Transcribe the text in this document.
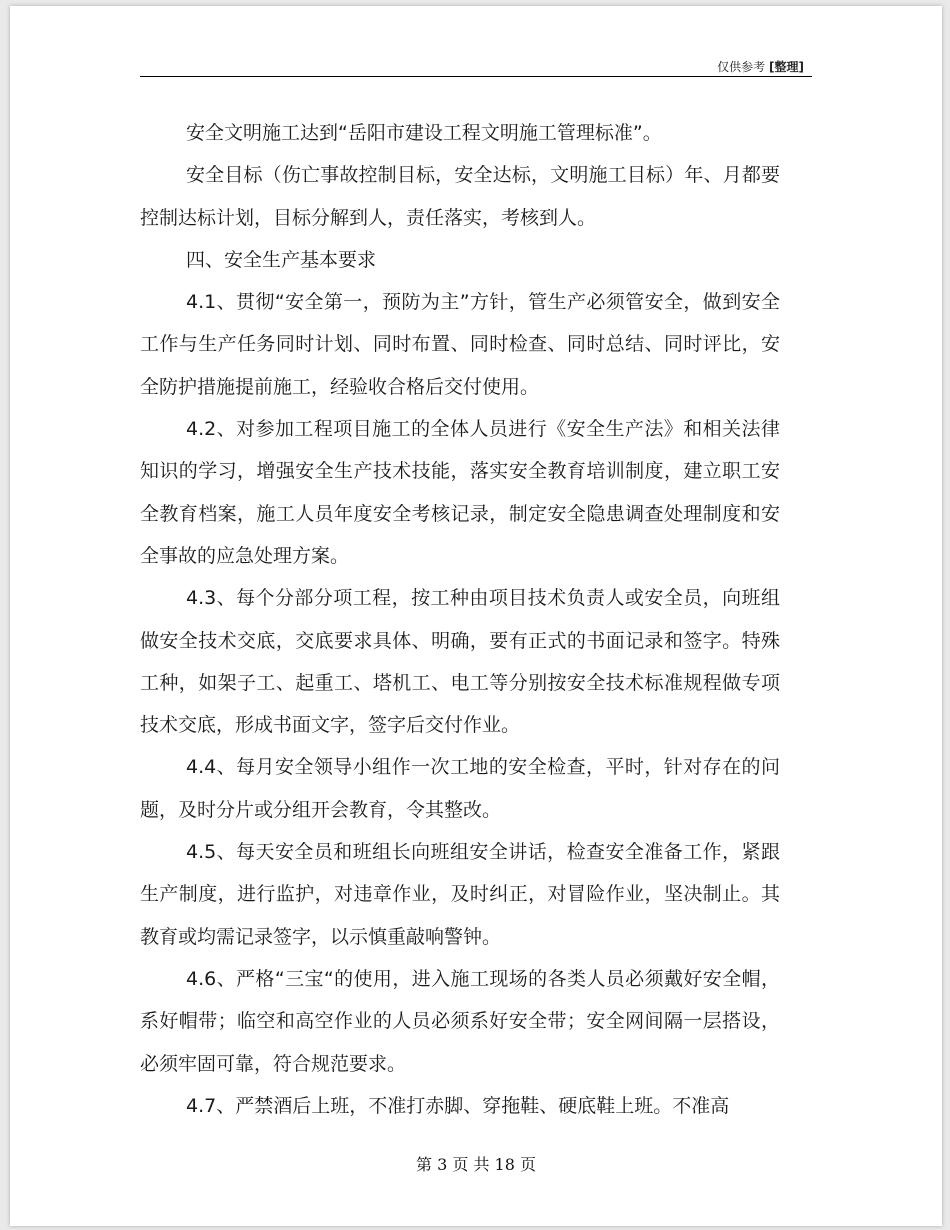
仅供参考 [整理]

安全文明施工达到“岳阳市建设工程文明施工管理标准”。

安全目标（伤亡事故控制目标，安全达标，文明施工目标）年、月都要控制达标计划，目标分解到人，责任落实，考核到人。

四、安全生产基本要求

4.1、贯彻“安全第一，预防为主”方针，管生产必须管安全，做到安全工作与生产任务同时计划、同时布置、同时检查、同时总结、同时评比，安全防护措施提前施工，经验收合格后交付使用。

4.2、对参加工程项目施工的全体人员进行《安全生产法》和相关法律知识的学习，增强安全生产技术技能，落实安全教育培训制度，建立职工安全教育档案，施工人员年度安全考核记录，制定安全隐患调查处理制度和安全事故的应急处理方案。

4.3、每个分部分项工程，按工种由项目技术负责人或安全员，向班组做安全技术交底，交底要求具体、明确，要有正式的书面记录和签字。特殊工种，如架子工、起重工、塔机工、电工等分别按安全技术标准规程做专项技术交底，形成书面文字，签字后交付作业。

4.4、每月安全领导小组作一次工地的安全检查，平时，针对存在的问题，及时分片或分组开会教育，令其整改。

4.5、每天安全员和班组长向班组安全讲话，检查安全准备工作，紧跟生产制度，进行监护，对违章作业，及时纠正，对冒险作业，坚决制止。其教育或均需记录签字，以示慎重敲响警钟。

4.6、严格“三宝“的使用，进入施工现场的各类人员必须戴好安全帽，系好帽带；临空和高空作业的人员必须系好安全带；安全网间隔一层搭设，必须牢固可靠，符合规范要求。

4.7、严禁酒后上班，不准打赤脚、穿拖鞋、硬底鞋上班。不准高

第 3 页 共 18 页
